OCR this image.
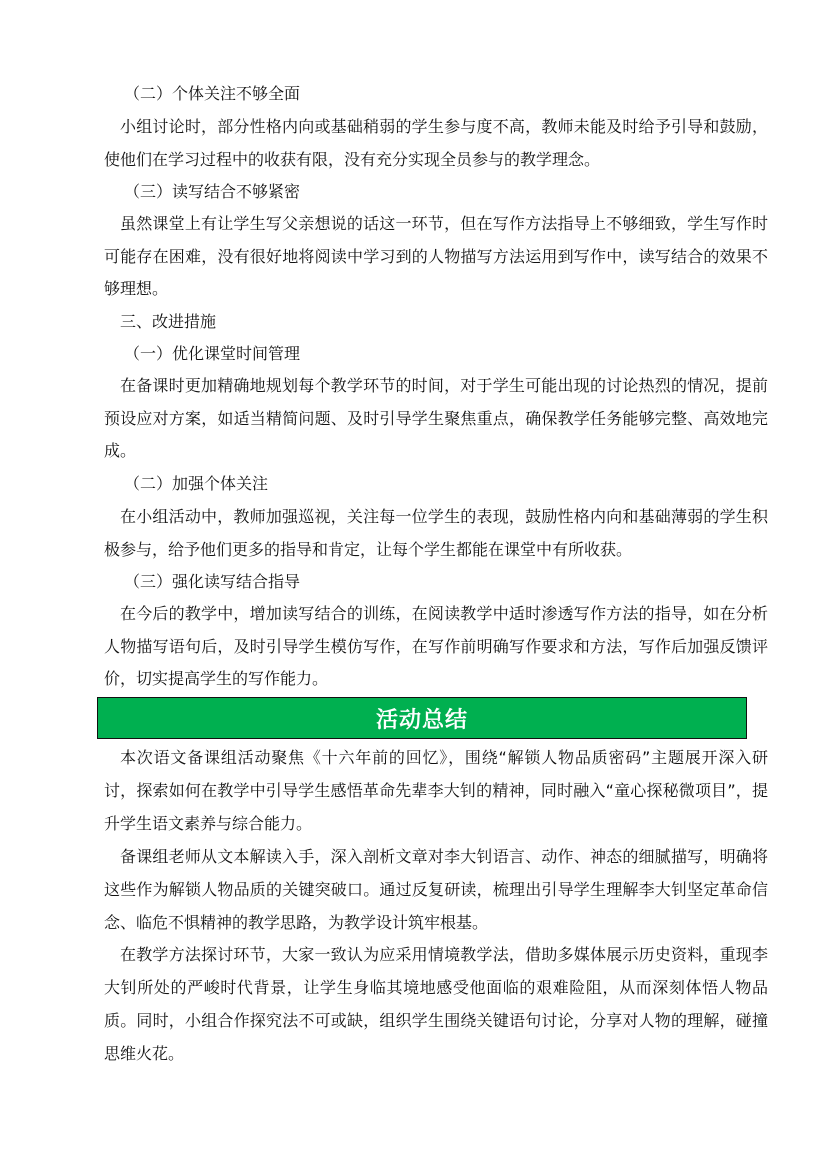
（二）个体关注不够全面

小组讨论时，部分性格内向或基础稍弱的学生参与度不高，教师未能及时给予引导和鼓励，使他们在学习过程中的收获有限，没有充分实现全员参与的教学理念。

（三）读写结合不够紧密

虽然课堂上有让学生写父亲想说的话这一环节，但在写作方法指导上不够细致，学生写作时可能存在困难，没有很好地将阅读中学习到的人物描写方法运用到写作中，读写结合的效果不够理想。

三、改进措施

（一）优化课堂时间管理

在备课时更加精确地规划每个教学环节的时间，对于学生可能出现的讨论热烈的情况，提前预设应对方案，如适当精简问题、及时引导学生聚焦重点，确保教学任务能够完整、高效地完成。

（二）加强个体关注

在小组活动中，教师加强巡视，关注每一位学生的表现，鼓励性格内向和基础薄弱的学生积极参与，给予他们更多的指导和肯定，让每个学生都能在课堂中有所收获。

（三）强化读写结合指导

在今后的教学中，增加读写结合的训练，在阅读教学中适时渗透写作方法的指导，如在分析人物描写语句后，及时引导学生模仿写作，在写作前明确写作要求和方法，写作后加强反馈评价，切实提高学生的写作能力。

活动总结

本次语文备课组活动聚焦《十六年前的回忆》，围绕“解锁人物品质密码”主题展开深入研讨，探索如何在教学中引导学生感悟革命先辈李大钊的精神，同时融入“童心探秘微项目”，提升学生语文素养与综合能力。

备课组老师从文本解读入手，深入剖析文章对李大钊语言、动作、神态的细腻描写，明确将这些作为解锁人物品质的关键突破口。通过反复研读，梳理出引导学生理解李大钊坚定革命信念、临危不惧精神的教学思路，为教学设计筑牢根基。

在教学方法探讨环节，大家一致认为应采用情境教学法，借助多媒体展示历史资料，重现李大钊所处的严峻时代背景，让学生身临其境地感受他面临的艰难险阻，从而深刻体悟人物品质。同时，小组合作探究法不可或缺，组织学生围绕关键语句讨论，分享对人物的理解，碰撞思维火花。
